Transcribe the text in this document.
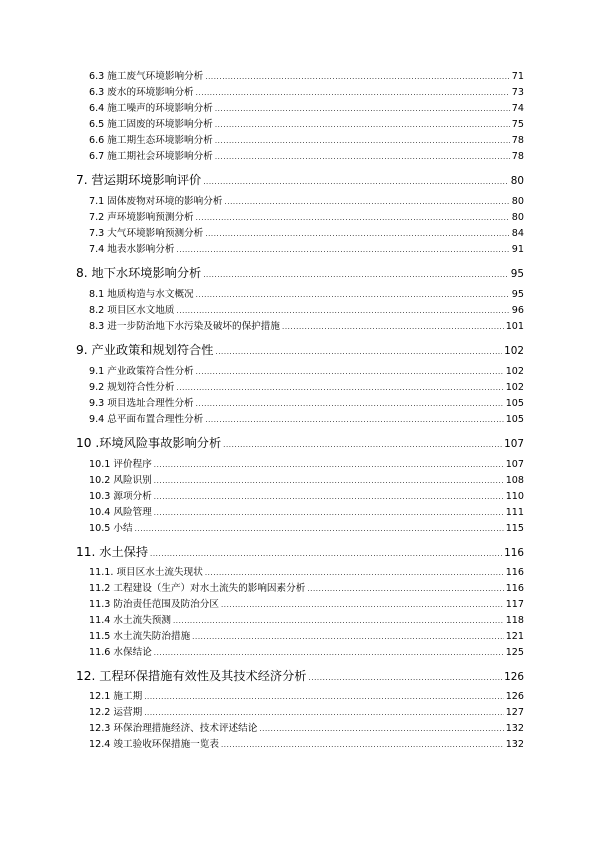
6.3 施工废气环境影响分析 .....	71
6.3 废水的环境影响分析 .....	73
6.4 施工噪声的环境影响分析 .....	74
6.5 施工固废的环境影响分析 .....	75
6.6 施工期生态环境影响分析 .....	78
6.7 施工期社会环境影响分析 .....	78
7. 营运期环境影响评价 .....	80
7.1 固体废物对环境的影响分析 .....	80
7.2 声环境影响预测分析 .....	80
7.3 大气环境影响预测分析 .....	84
7.4 地表水影响分析 .....	91
8. 地下水环境影响分析 .....	95
8.1 地质构造与水文概况 .....	95
8.2 项目区水文地质 .....	96
8.3 进一步防治地下水污染及破坏的保护措施 .....	101
9. 产业政策和规划符合性 .....	102
9.1 产业政策符合性分析 .....	102
9.2 规划符合性分析 .....	102
9.3 项目选址合理性分析 .....	105
9.4 总平面布置合理性分析 .....	105
10 .环境风险事故影响分析 .....	107
10.1 评价程序 .....	107
10.2 风险识别 .....	108
10.3 源项分析 .....	110
10.4 风险管理 .....	111
10.5 小结 .....	115
11. 水土保持 .....	116
11.1. 项目区水土流失现状 .....	116
11.2 工程建设（生产）对水土流失的影响因素分析 .....	116
11.3 防治责任范围及防治分区 .....	117
11.4 水土流失预测 .....	118
11.5 水土流失防治措施 .....	121
11.6 水保结论 .....	125
12. 工程环保措施有效性及其技术经济分析 .....	126
12.1 施工期 .....	126
12.2 运营期 .....	127
12.3 环保治理措施经济、技术评述结论 .....	132
12.4 竣工验收环保措施一览表 .....	132
